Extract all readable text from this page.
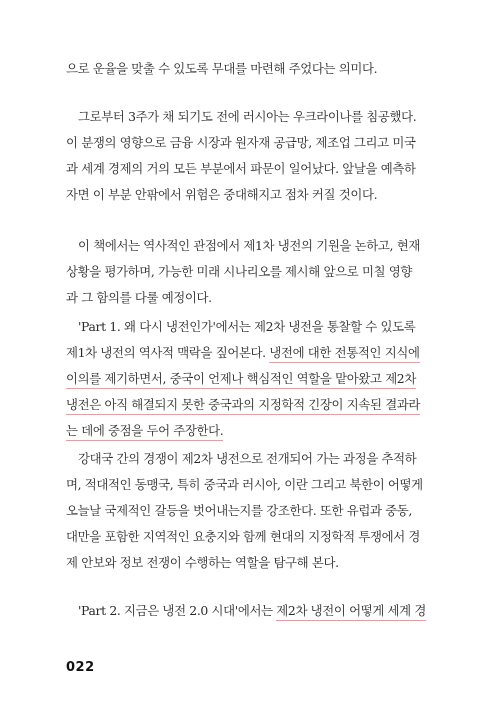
으로 운율을 맞출 수 있도록 무대를 마련해 주었다는 의미다.
그로부터 3주가 채 되기도 전에 러시아는 우크라이나를 침공했다.
이 분쟁의 영향으로 금융 시장과 원자재 공급망, 제조업 그리고 미국
과 세계 경제의 거의 모든 부분에서 파문이 일어났다. 앞날을 예측하
자면 이 부분 안팎에서 위험은 중대해지고 점차 커질 것이다.
이 책에서는 역사적인 관점에서 제1차 냉전의 기원을 논하고, 현재
상황을 평가하며, 가능한 미래 시나리오를 제시해 앞으로 미칠 영향
과 그 함의를 다룰 예정이다.
'Part 1. 왜 다시 냉전인가'에서는 제2차 냉전을 통찰할 수 있도록
제1차 냉전의 역사적 맥락을 짚어본다. 냉전에 대한 전통적인 지식에
이의를 제기하면서, 중국이 언제나 핵심적인 역할을 맡아왔고 제2차
냉전은 아직 해결되지 못한 중국과의 지정학적 긴장이 지속된 결과라
는 데에 중점을 두어 주장한다.
강대국 간의 경쟁이 제2차 냉전으로 전개되어 가는 과정을 추적하
며, 적대적인 동맹국, 특히 중국과 러시아, 이란 그리고 북한이 어떻게
오늘날 국제적인 갈등을 벗어내는지를 강조한다. 또한 유럽과 중동,
대만을 포함한 지역적인 요충지와 함께 현대의 지정학적 투쟁에서 경
제 안보와 정보 전쟁이 수행하는 역할을 탐구해 본다.
'Part 2. 지금은 냉전 2.0 시대'에서는 제2차 냉전이 어떻게 세계 경
022
